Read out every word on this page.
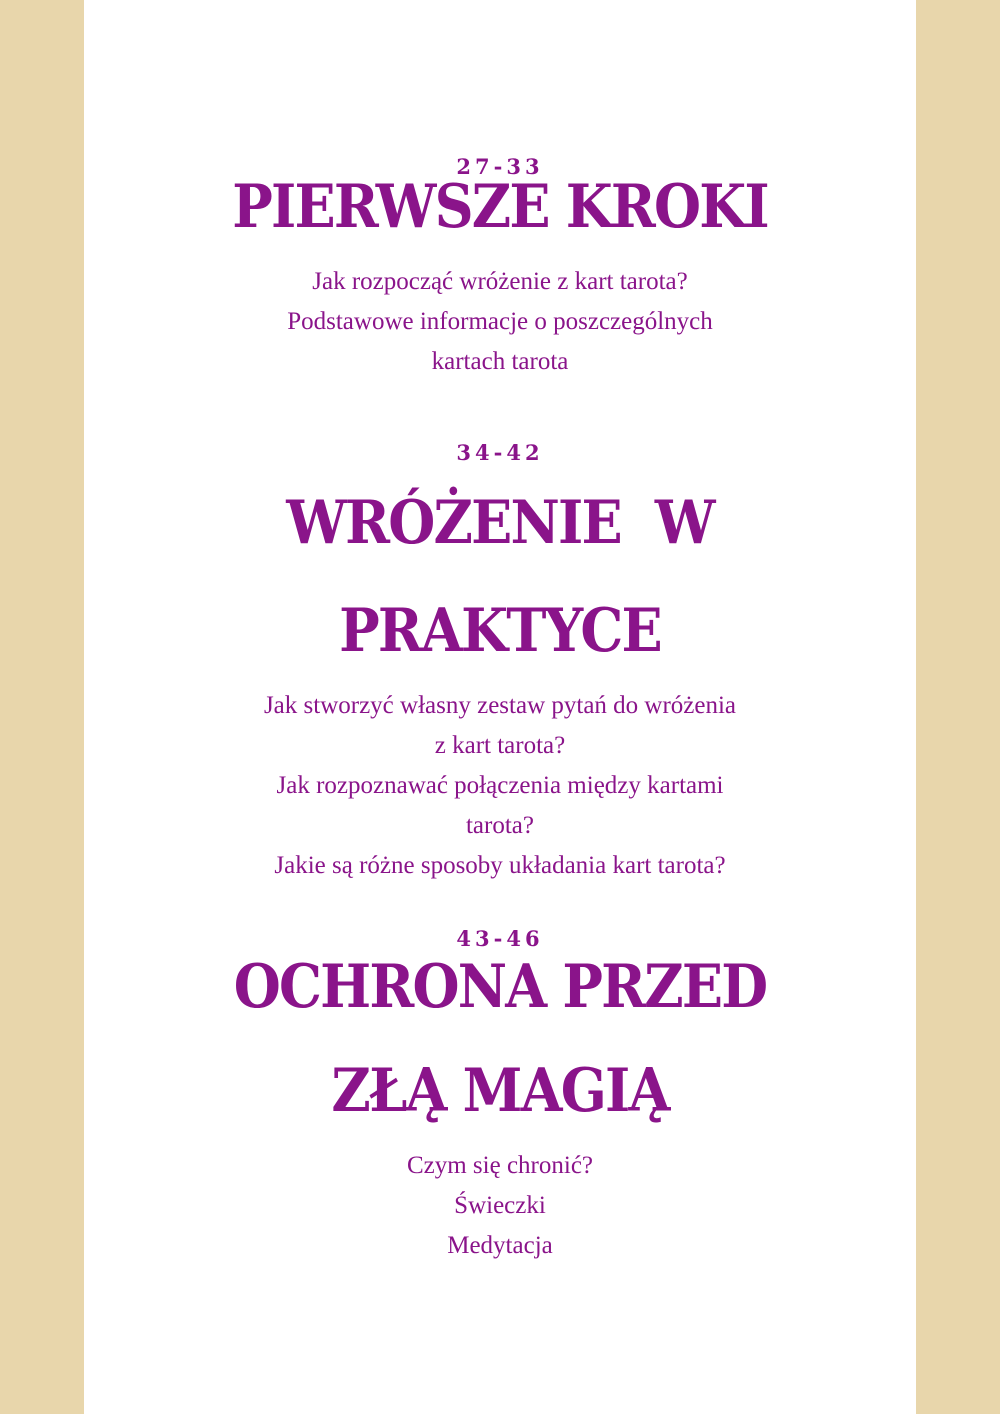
27-33

PIERWSZE KROKI

Jak rozpocząć wróżenie z kart tarota?

Podstawowe informacje o poszczególnych

kartach tarota

34-42

WRÓŻENIE  W

PRAKTYCE

Jak stworzyć własny zestaw pytań do wróżenia

z kart tarota?

Jak rozpoznawać połączenia między kartami

tarota?

Jakie są różne sposoby układania kart tarota?

43-46

OCHRONA PRZED

ZŁĄ MAGIĄ

Czym się chronić?

Świeczki

Medytacja
